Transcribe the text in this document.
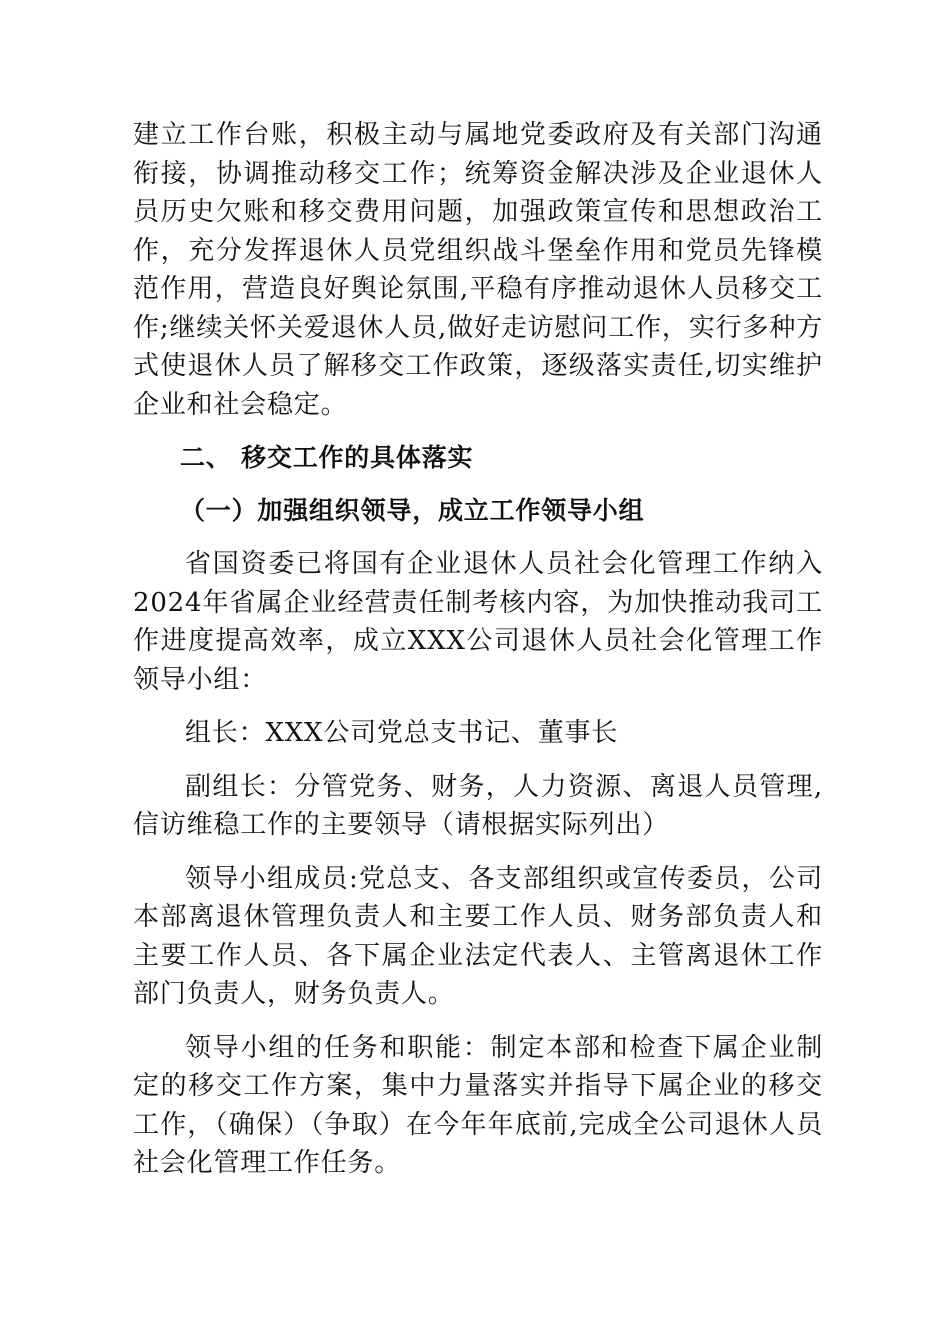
建立工作台账，积极主动与属地党委政府及有关部门沟通衔接，协调推动移交工作；统筹资金解决涉及企业退休人员历史欠账和移交费用问题，加强政策宣传和思想政治工作，充分发挥退休人员党组织战斗堡垒作用和党员先锋模范作用，营造良好舆论氛围,平稳有序推动退休人员移交工作;继续关怀关爱退休人员,做好走访慰问工作，实行多种方式使退休人员了解移交工作政策，逐级落实责任,切实维护企业和社会稳定。

二、 移交工作的具体落实

（一）加强组织领导，成立工作领导小组

省国资委已将国有企业退休人员社会化管理工作纳入2024年省属企业经营责任制考核内容，为加快推动我司工作进度提高效率，成立XXX公司退休人员社会化管理工作领导小组：

组长：XXX公司党总支书记、董事长

副组长：分管党务、财务，人力资源、离退人员管理,信访维稳工作的主要领导（请根据实际列出）

领导小组成员:党总支、各支部组织或宣传委员，公司本部离退休管理负责人和主要工作人员、财务部负责人和主要工作人员、各下属企业法定代表人、主管离退休工作部门负责人，财务负责人。

领导小组的任务和职能：制定本部和检查下属企业制定的移交工作方案，集中力量落实并指导下属企业的移交工作，（确保）（争取）在今年年底前,完成全公司退休人员社会化管理工作任务。
